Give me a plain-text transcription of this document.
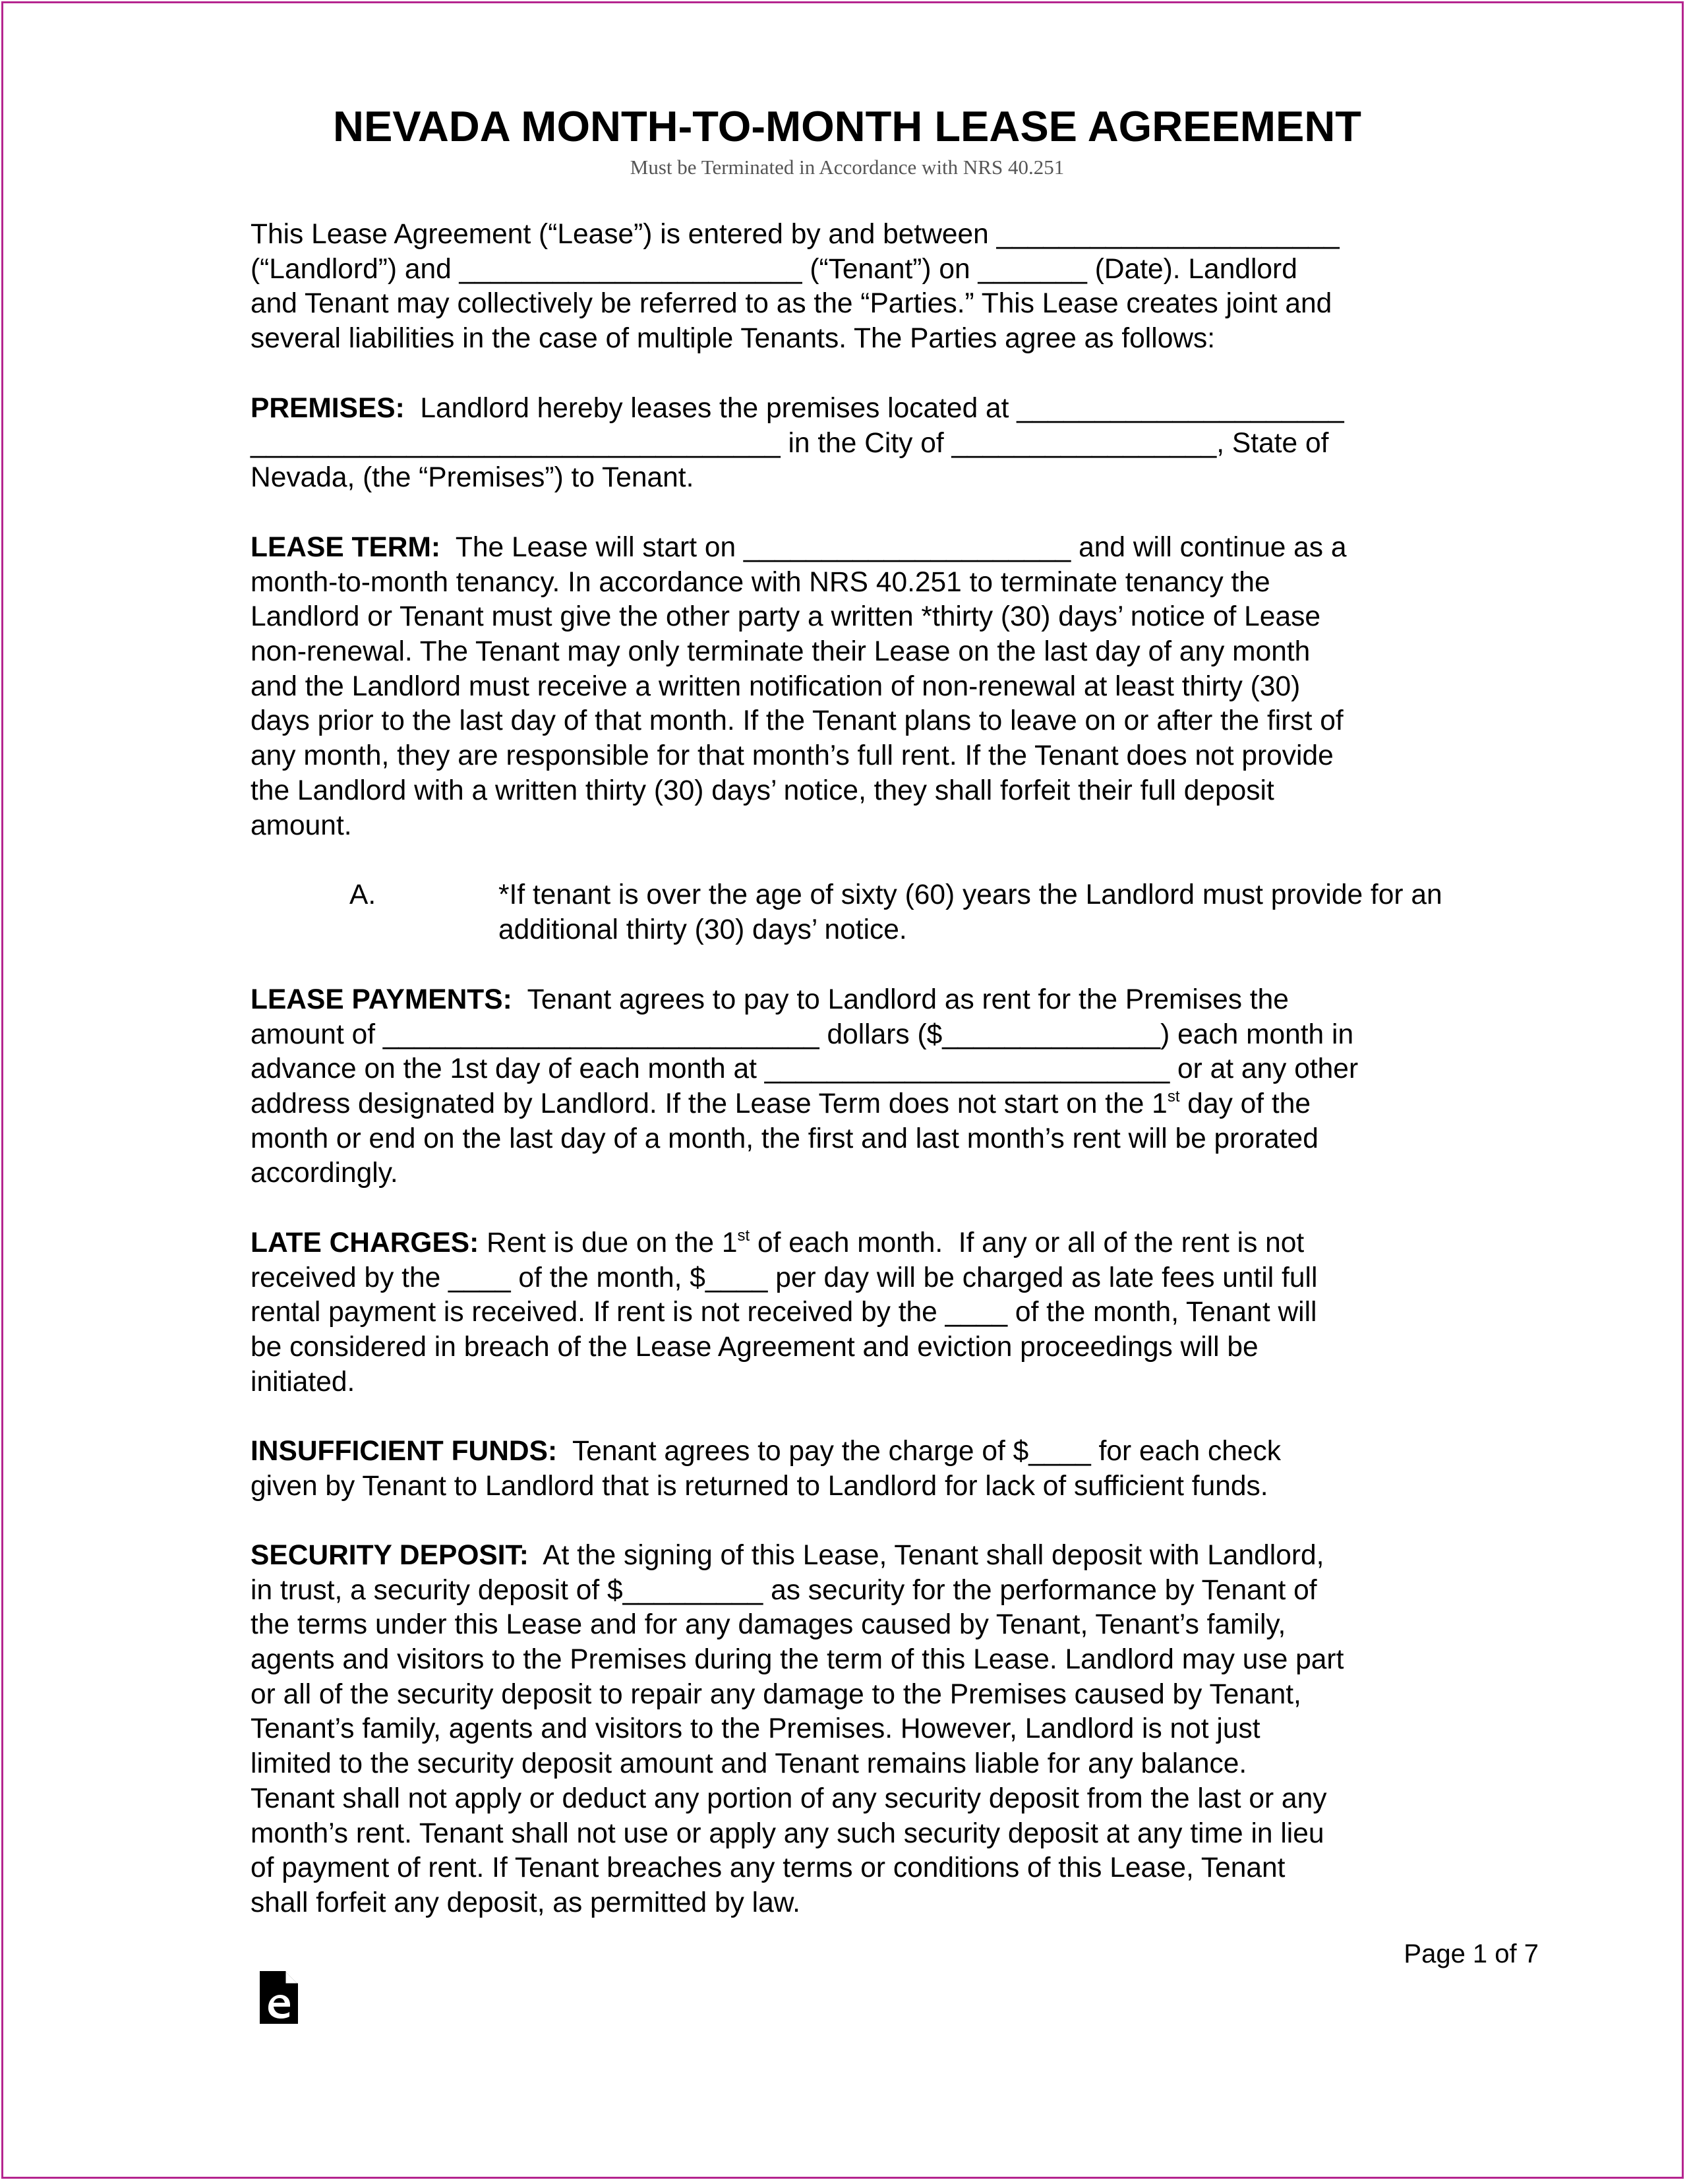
NEVADA MONTH-TO-MONTH LEASE AGREEMENT
Must be Terminated in Accordance with NRS 40.251
This Lease Agreement (“Lease”) is entered by and between ______________________
(“Landlord”) and ______________________ (“Tenant”) on _______ (Date). Landlord
and Tenant may collectively be referred to as the “Parties.” This Lease creates joint and
several liabilities in the case of multiple Tenants. The Parties agree as follows:
PREMISES:  Landlord hereby leases the premises located at _____________________
__________________________________ in the City of _________________, State of
Nevada, (the “Premises”) to Tenant.
LEASE TERM:  The Lease will start on _____________________ and will continue as a
month-to-month tenancy. In accordance with NRS 40.251 to terminate tenancy the
Landlord or Tenant must give the other party a written *thirty (30) days’ notice of Lease
non-renewal. The Tenant may only terminate their Lease on the last day of any month
and the Landlord must receive a written notification of non-renewal at least thirty (30)
days prior to the last day of that month. If the Tenant plans to leave on or after the first of
any month, they are responsible for that month’s full rent. If the Tenant does not provide
the Landlord with a written thirty (30) days’ notice, they shall forfeit their full deposit
amount.
A.	*If tenant is over the age of sixty (60) years the Landlord must provide for an
additional thirty (30) days’ notice.
LEASE PAYMENTS:  Tenant agrees to pay to Landlord as rent for the Premises the
amount of ____________________________ dollars ($______________) each month in
advance on the 1st day of each month at __________________________ or at any other
address designated by Landlord. If the Lease Term does not start on the 1st day of the
month or end on the last day of a month, the first and last month’s rent will be prorated
accordingly.
LATE CHARGES: Rent is due on the 1st of each month.  If any or all of the rent is not
received by the ____ of the month, $____ per day will be charged as late fees until full
rental payment is received. If rent is not received by the ____ of the month, Tenant will
be considered in breach of the Lease Agreement and eviction proceedings will be
initiated.
INSUFFICIENT FUNDS:  Tenant agrees to pay the charge of $____ for each check
given by Tenant to Landlord that is returned to Landlord for lack of sufficient funds.
SECURITY DEPOSIT:  At the signing of this Lease, Tenant shall deposit with Landlord,
in trust, a security deposit of $_________ as security for the performance by Tenant of
the terms under this Lease and for any damages caused by Tenant, Tenant’s family,
agents and visitors to the Premises during the term of this Lease. Landlord may use part
or all of the security deposit to repair any damage to the Premises caused by Tenant,
Tenant’s family, agents and visitors to the Premises. However, Landlord is not just
limited to the security deposit amount and Tenant remains liable for any balance.
Tenant shall not apply or deduct any portion of any security deposit from the last or any
month’s rent. Tenant shall not use or apply any such security deposit at any time in lieu
of payment of rent. If Tenant breaches any terms or conditions of this Lease, Tenant
shall forfeit any deposit, as permitted by law.
Page 1 of 7
